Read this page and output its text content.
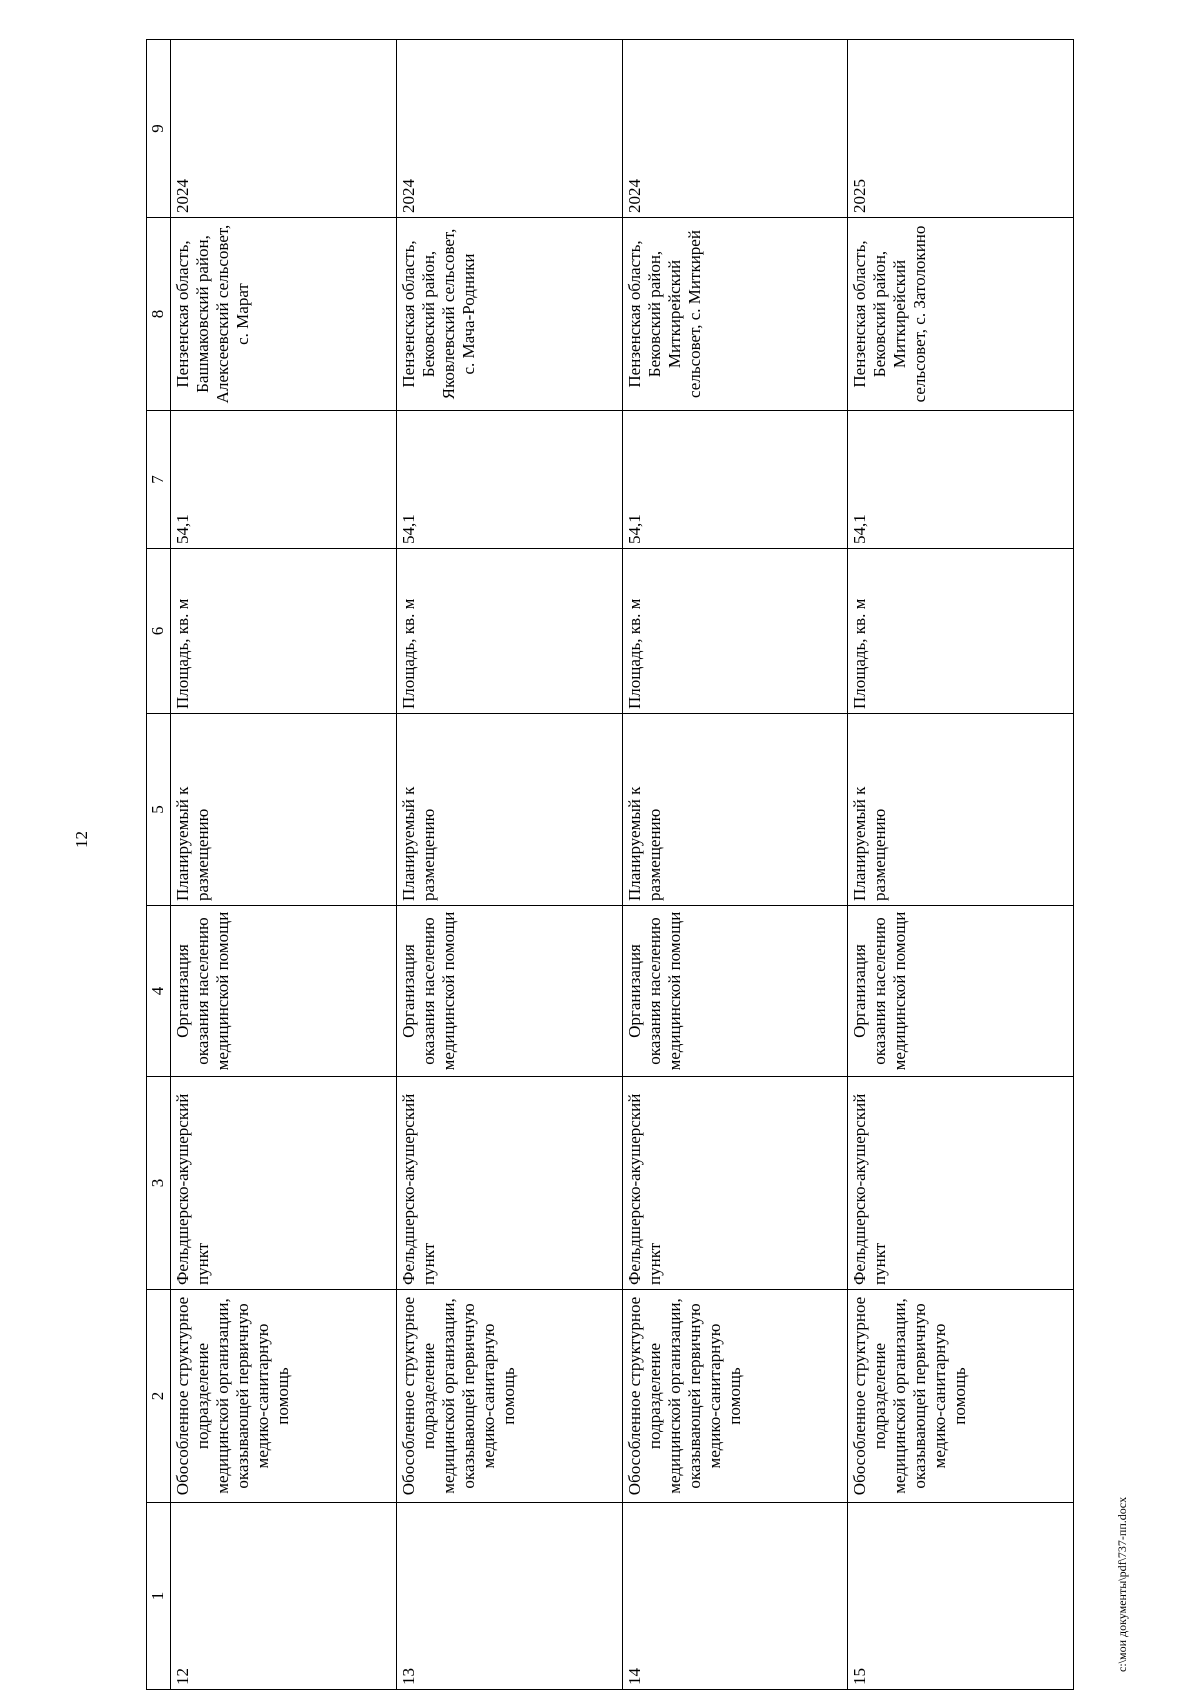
12
1	2	3	4	5	6	7	8	9
12	Обособленное структурное подразделение медицинской организации, оказывающей первичную медико-санитарную помощь	Фельдшерско-акушерский пункт	Организация оказания населению медицинской помощи	Планируемый к размещению	Площадь, кв. м	54,1	Пензенская область, Башмаковский район, Алексеевский сельсовет, с. Марат	2024
13	Обособленное структурное подразделение медицинской организации, оказывающей первичную медико-санитарную помощь	Фельдшерско-акушерский пункт	Организация оказания населению медицинской помощи	Планируемый к размещению	Площадь, кв. м	54,1	Пензенская область, Бековский район, Яковлевский сельсовет, с. Мача-Родники	2024
14	Обособленное структурное подразделение медицинской организации, оказывающей первичную медико-санитарную помощь	Фельдшерско-акушерский пункт	Организация оказания населению медицинской помощи	Планируемый к размещению	Площадь, кв. м	54,1	Пензенская область, Бековский район, Миткирейский сельсовет, с. Миткирей	2024
15	Обособленное структурное подразделение медицинской организации, оказывающей первичную медико-санитарную помощь	Фельдшерско-акушерский пункт	Организация оказания населению медицинской помощи	Планируемый к размещению	Площадь, кв. м	54,1	Пензенская область, Бековский район, Миткирейский сельсовет, с. Затолокино	2025
c:\мои документы\pdf\737-пп.docx
